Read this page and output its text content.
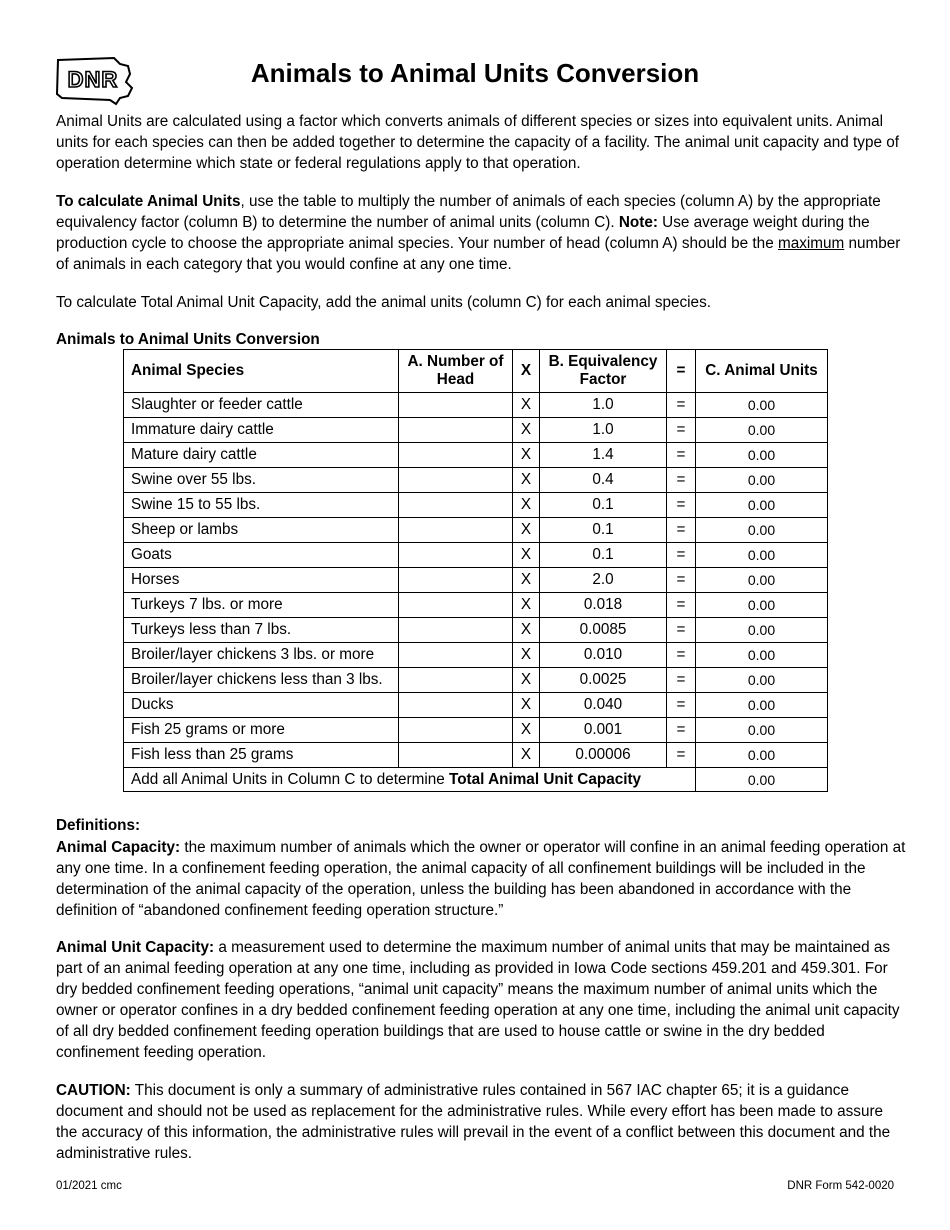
DNR	Animals to Animal Units Conversion

Animal Units are calculated using a factor which converts animals of different species or sizes into equivalent units. Animal units for each species can then be added together to determine the capacity of a facility. The animal unit capacity and type of operation determine which state or federal regulations apply to that operation.

To calculate Animal Units, use the table to multiply the number of animals of each species (column A) by the appropriate equivalency factor (column B) to determine the number of animal units (column C). Note: Use average weight during the production cycle to choose the appropriate animal species. Your number of head (column A) should be the maximum number of animals in each category that you would confine at any one time.

To calculate Total Animal Unit Capacity, add the animal units (column C) for each animal species.

Animals to Animal Units Conversion
Animal Species	A. Number of Head	X	B. Equivalency Factor	=	C. Animal Units
Slaughter or feeder cattle		X	1.0	=	0.00
Immature dairy cattle		X	1.0	=	0.00
Mature dairy cattle		X	1.4	=	0.00
Swine over 55 lbs.		X	0.4	=	0.00
Swine 15 to 55 lbs.		X	0.1	=	0.00
Sheep or lambs		X	0.1	=	0.00
Goats		X	0.1	=	0.00
Horses		X	2.0	=	0.00
Turkeys 7 lbs. or more		X	0.018	=	0.00
Turkeys less than 7 lbs.		X	0.0085	=	0.00
Broiler/layer chickens 3 lbs. or more		X	0.010	=	0.00
Broiler/layer chickens less than 3 lbs.		X	0.0025	=	0.00
Ducks		X	0.040	=	0.00
Fish 25 grams or more		X	0.001	=	0.00
Fish less than 25 grams		X	0.00006	=	0.00
Add all Animal Units in Column C to determine Total Animal Unit Capacity					0.00
Definitions:

Animal Capacity: the maximum number of animals which the owner or operator will confine in an animal feeding operation at any one time. In a confinement feeding operation, the animal capacity of all confinement buildings will be included in the determination of the animal capacity of the operation, unless the building has been abandoned in accordance with the definition of “abandoned confinement feeding operation structure.”

Animal Unit Capacity: a measurement used to determine the maximum number of animal units that may be maintained as part of an animal feeding operation at any one time, including as provided in Iowa Code sections 459.201 and 459.301. For dry bedded confinement feeding operations, “animal unit capacity” means the maximum number of animal units which the owner or operator confines in a dry bedded confinement feeding operation at any one time, including the animal unit capacity of all dry bedded confinement feeding operation buildings that are used to house cattle or swine in the dry bedded confinement feeding operation.

CAUTION: This document is only a summary of administrative rules contained in 567 IAC chapter 65; it is a guidance document and should not be used as replacement for the administrative rules. While every effort has been made to assure the accuracy of this information, the administrative rules will prevail in the event of a conflict between this document and the administrative rules.

01/2021 cmc	DNR Form 542-0020
